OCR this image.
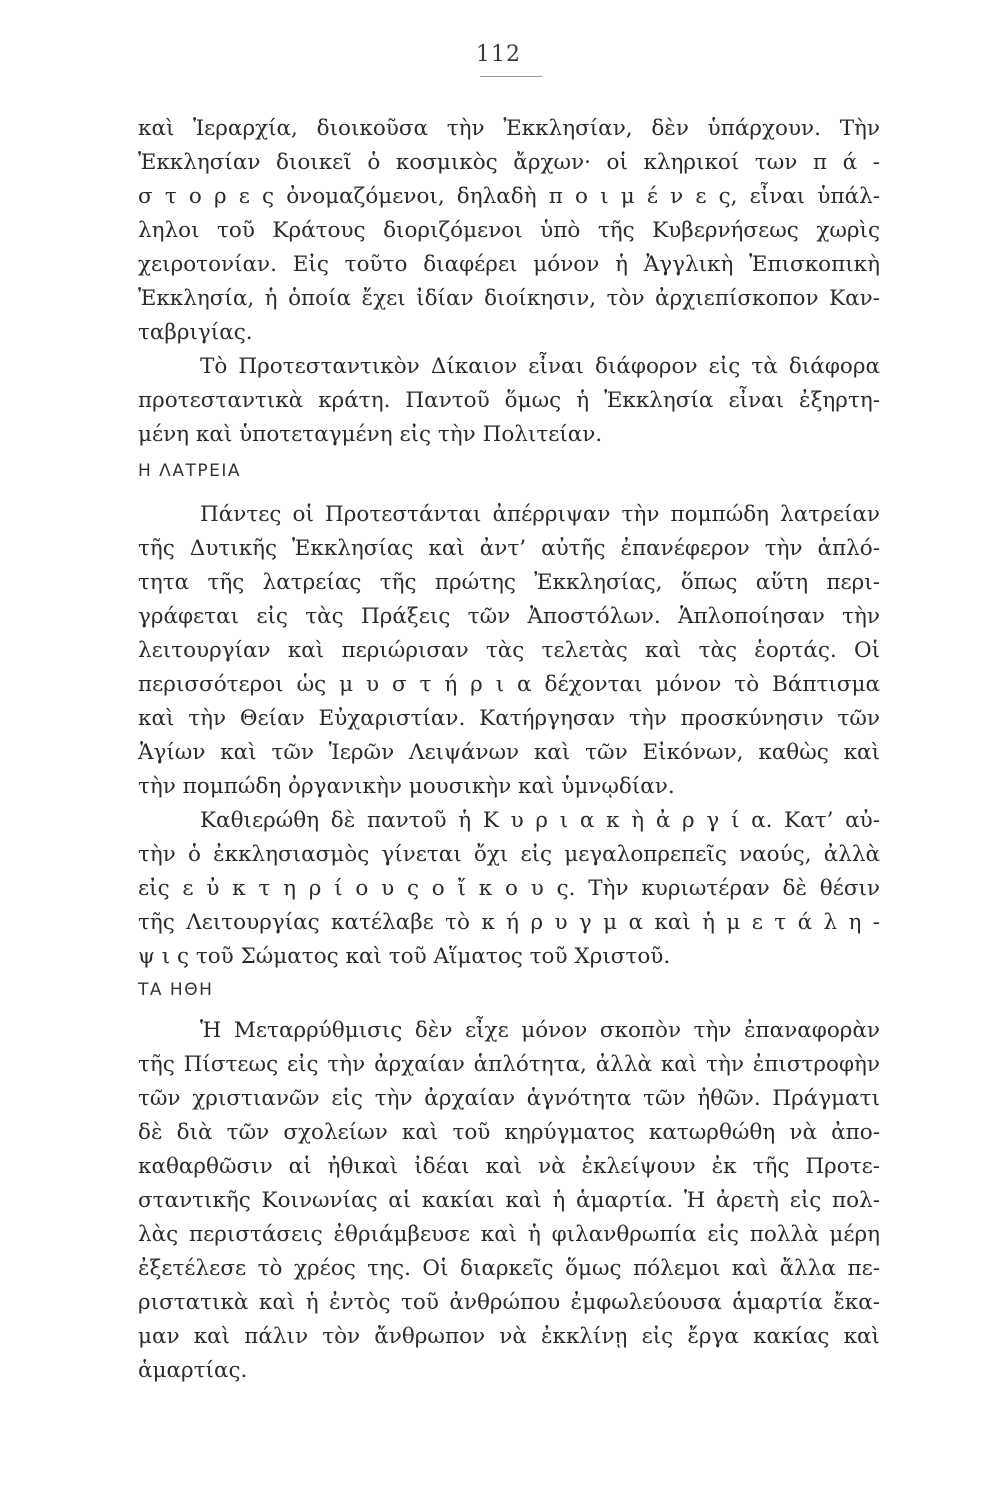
112
καὶ Ἱεραρχία, διοικοῦσα τὴν Ἐκκλησίαν, δὲν ὑπάρχουν. Τὴν
Ἐκκλησίαν διοικεῖ ὁ κοσμικὸς ἄρχων· οἱ κληρικοί των π ά -
σ τ ο ρ ε ς ὀνομαζόμενοι, δηλαδὴ π ο ι μ έ ν ε ς, εἶναι ὑπάλ-
ληλοι τοῦ Κράτους διοριζόμενοι ὑπὸ τῆς Κυβερνήσεως χωρὶς
χειροτονίαν. Εἰς τοῦτο διαφέρει μόνον ἡ Ἀγγλικὴ Ἐπισκοπικὴ
Ἐκκλησία, ἡ ὁποία ἔχει ἰδίαν διοίκησιν, τὸν ἀρχιεπίσκοπον Καν-
ταβριγίας.
Τὸ Προτεσταντικὸν Δίκαιον εἶναι διάφορον εἰς τὰ διάφορα
προτεσταντικὰ κράτη. Παντοῦ ὅμως ἡ Ἐκκλησία εἶναι ἐξηρτη-
μένη καὶ ὑποτεταγμένη εἰς τὴν Πολιτείαν.
Η ΛΑΤΡΕΙΑ
Πάντες οἱ Προτεστάνται ἀπέρριψαν τὴν πομπώδη λατρείαν
τῆς Δυτικῆς Ἐκκλησίας καὶ ἀντ’ αὐτῆς ἐπανέφερον τὴν ἁπλό-
τητα τῆς λατρείας τῆς πρώτης Ἐκκλησίας, ὅπως αὕτη περι-
γράφεται εἰς τὰς Πράξεις τῶν Ἀποστόλων. Ἁπλοποίησαν τὴν
λειτουργίαν καὶ περιώρισαν τὰς τελετὰς καὶ τὰς ἑορτάς. Οἱ
περισσότεροι ὡς μ υ σ τ ή ρ ι α δέχονται μόνον τὸ Βάπτισμα
καὶ τὴν Θείαν Εὐχαριστίαν. Κατήργησαν τὴν προσκύνησιν τῶν
Ἁγίων καὶ τῶν Ἱερῶν Λειψάνων καὶ τῶν Εἰκόνων, καθὼς καὶ
τὴν πομπώδη ὀργανικὴν μουσικὴν καὶ ὑμνῳδίαν.
Καθιερώθη δὲ παντοῦ ἡ Κ υ ρ ι α κ ὴ ἀ ρ γ ί α. Κατ’ αὐ-
τὴν ὁ ἐκκλησιασμὸς γίνεται ὄχι εἰς μεγαλοπρεπεῖς ναούς, ἀλλὰ
εἰς ε ὐ κ τ η ρ ί ο υ ς ο ἴ κ ο υ ς. Τὴν κυριωτέραν δὲ θέσιν
τῆς Λειτουργίας κατέλαβε τὸ κ ή ρ υ γ μ α καὶ ἡ μ ε τ ά λ η -
ψ ι ς τοῦ Σώματος καὶ τοῦ Αἵματος τοῦ Χριστοῦ.
ΤΑ ΗΘΗ
Ἡ Μεταρρύθμισις δὲν εἶχε μόνον σκοπὸν τὴν ἐπαναφορὰν
τῆς Πίστεως εἰς τὴν ἀρχαίαν ἁπλότητα, ἀλλὰ καὶ τὴν ἐπιστροφὴν
τῶν χριστιανῶν εἰς τὴν ἀρχαίαν ἁγνότητα τῶν ἠθῶν. Πράγματι
δὲ διὰ τῶν σχολείων καὶ τοῦ κηρύγματος κατωρθώθη νὰ ἀπο-
καθαρθῶσιν αἱ ἠθικαὶ ἰδέαι καὶ νὰ ἐκλείψουν ἐκ τῆς Προτε-
σταντικῆς Κοινωνίας αἱ κακίαι καὶ ἡ ἁμαρτία. Ἡ ἀρετὴ εἰς πολ-
λὰς περιστάσεις ἐθριάμβευσε καὶ ἡ φιλανθρωπία εἰς πολλὰ μέρη
ἐξετέλεσε τὸ χρέος της. Οἱ διαρκεῖς ὅμως πόλεμοι καὶ ἄλλα πε-
ριστατικὰ καὶ ἡ ἐντὸς τοῦ ἀνθρώπου ἐμφωλεύουσα ἁμαρτία ἔκα-
μαν καὶ πάλιν τὸν ἄνθρωπον νὰ ἐκκλίνῃ εἰς ἔργα κακίας καὶ
ἁμαρτίας.
